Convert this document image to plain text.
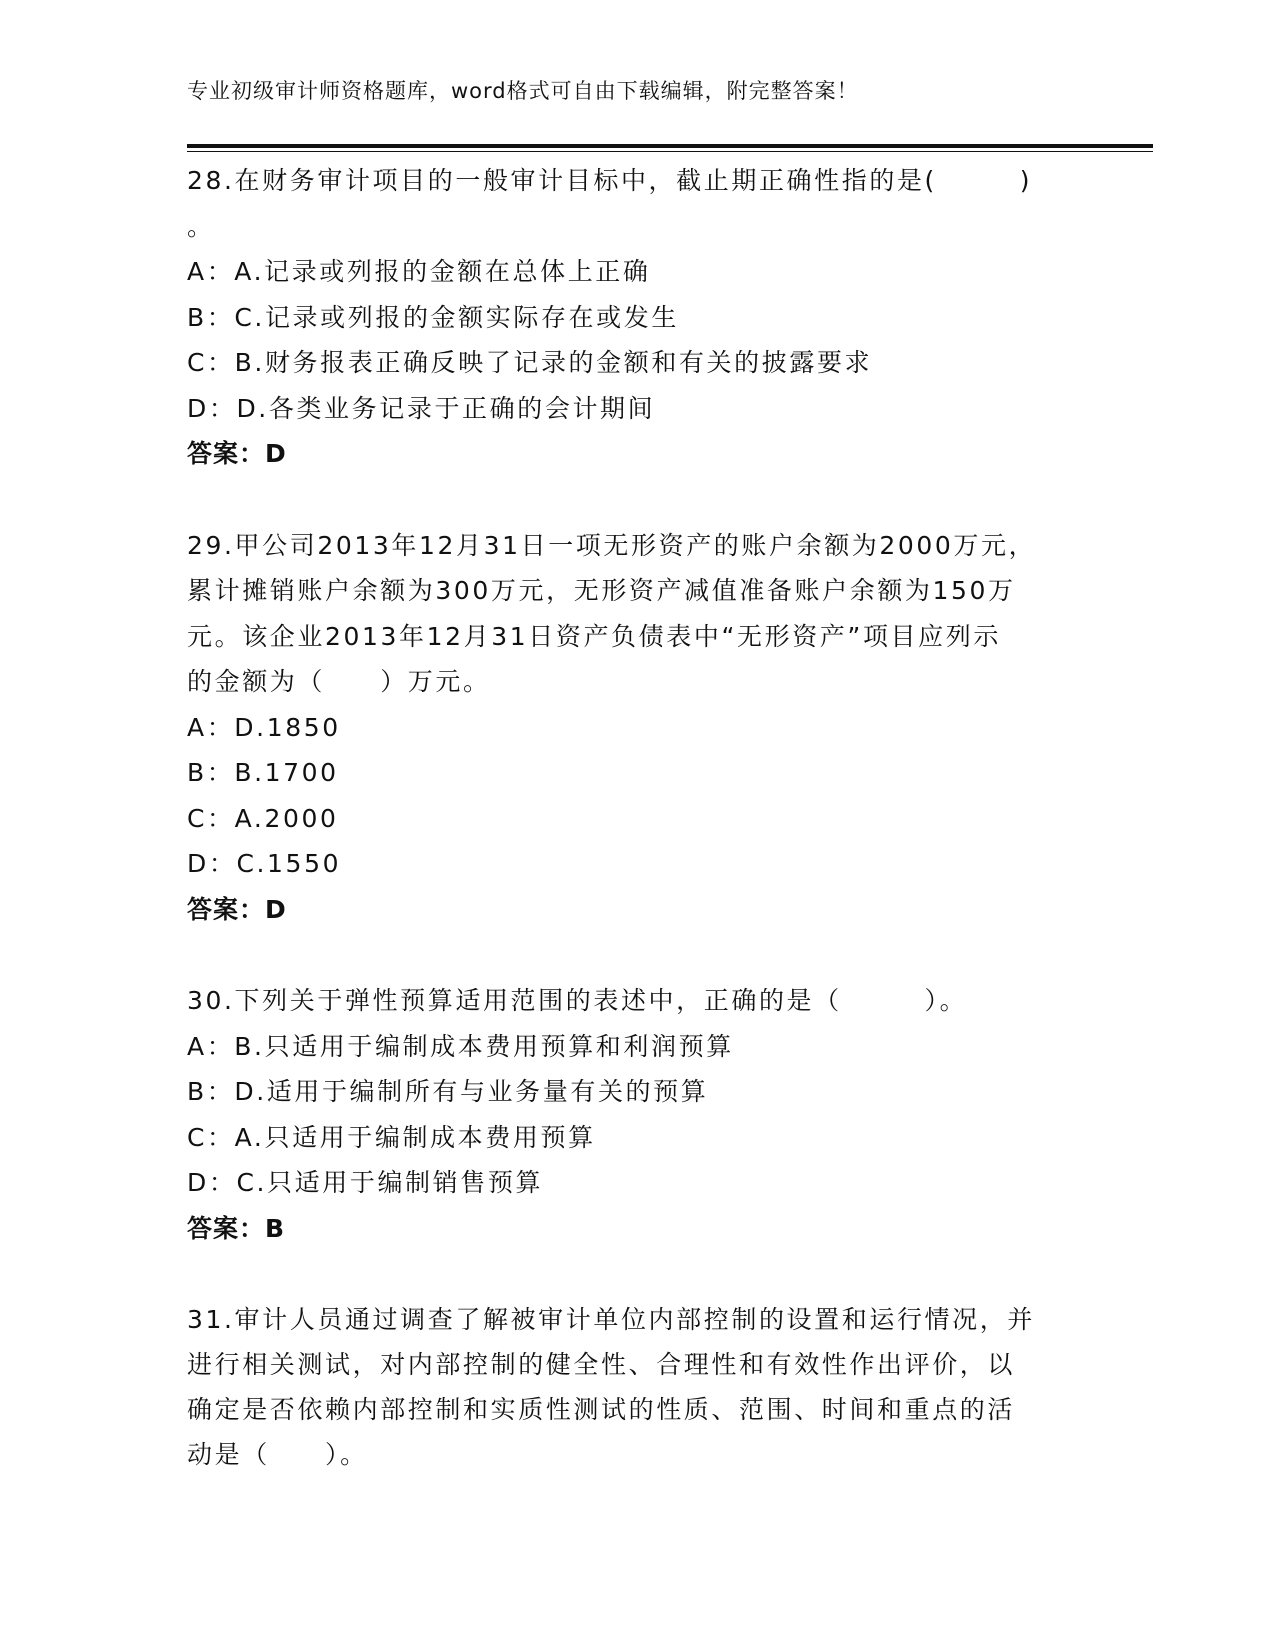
专业初级审计师资格题库，word格式可自由下载编辑，附完整答案！
28.在财务审计项目的一般审计目标中，截止期正确性指的是(　　　)
。
A：A.记录或列报的金额在总体上正确
B：C.记录或列报的金额实际存在或发生
C：B.财务报表正确反映了记录的金额和有关的披露要求
D：D.各类业务记录于正确的会计期间
答案：D
29.甲公司2013年12月31日一项无形资产的账户余额为2000万元，
累计摊销账户余额为300万元，无形资产减值准备账户余额为150万
元。该企业2013年12月31日资产负债表中“无形资产”项目应列示
的金额为（　　）万元。
A：D.1850
B：B.1700
C：A.2000
D：C.1550
答案：D
30.下列关于弹性预算适用范围的表述中，正确的是（　　　）。
A：B.只适用于编制成本费用预算和利润预算
B：D.适用于编制所有与业务量有关的预算
C：A.只适用于编制成本费用预算
D：C.只适用于编制销售预算
答案：B
31.审计人员通过调查了解被审计单位内部控制的设置和运行情况，并
进行相关测试，对内部控制的健全性、合理性和有效性作出评价，以
确定是否依赖内部控制和实质性测试的性质、范围、时间和重点的活
动是（　　）。
